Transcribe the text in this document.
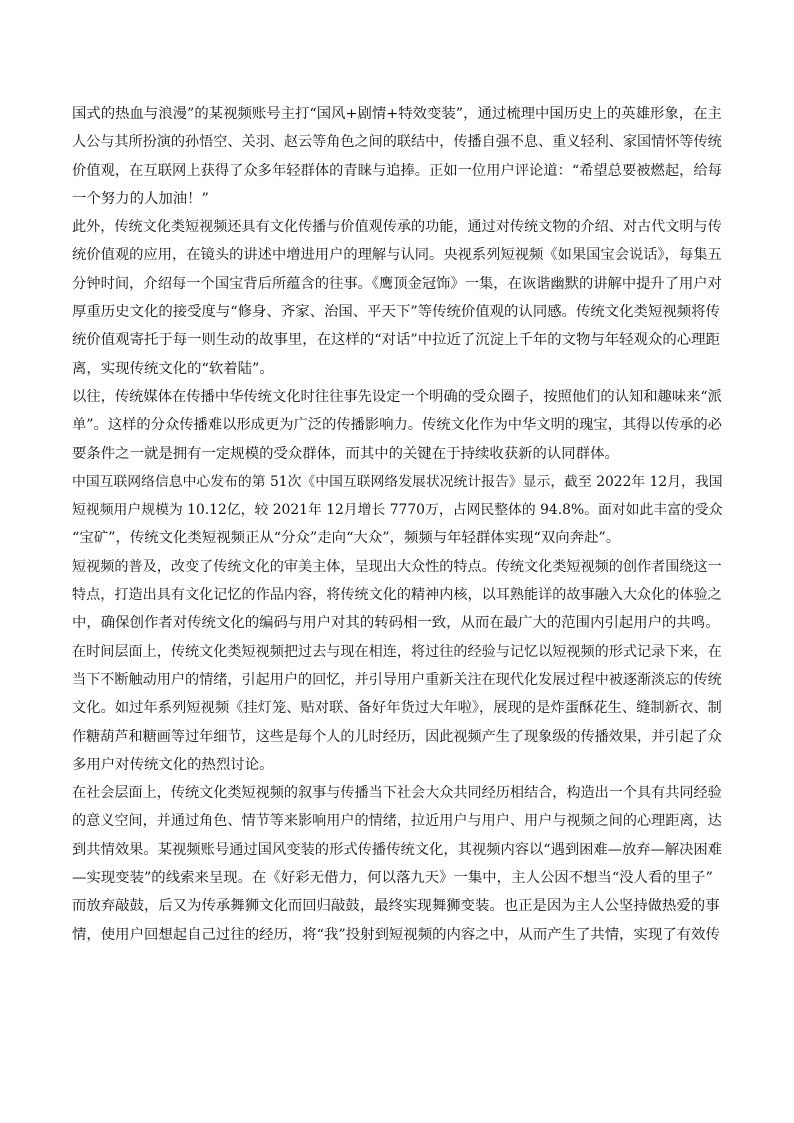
国式的热血与浪漫”的某视频账号主打“国风+剧情+特效变装”，通过梳理中国历史上的英雄形象，在主
人公与其所扮演的孙悟空、关羽、赵云等角色之间的联结中，传播自强不息、重义轻利、家国情怀等传统
价值观，在互联网上获得了众多年轻群体的青睐与追捧。正如一位用户评论道：“希望总要被燃起，给每
一个努力的人加油！”
此外，传统文化类短视频还具有文化传播与价值观传承的功能，通过对传统文物的介绍、对古代文明与传
统价值观的应用，在镜头的讲述中增进用户的理解与认同。央视系列短视频《如果国宝会说话》，每集五
分钟时间，介绍每一个国宝背后所蕴含的往事。《鹰顶金冠饰》一集，在诙谐幽默的讲解中提升了用户对
厚重历史文化的接受度与“修身、齐家、治国、平天下”等传统价值观的认同感。传统文化类短视频将传
统价值观寄托于每一则生动的故事里，在这样的“对话”中拉近了沉淀上千年的文物与年轻观众的心理距
离，实现传统文化的“软着陆”。
以往，传统媒体在传播中华传统文化时往往事先设定一个明确的受众圈子，按照他们的认知和趣味来“派
单”。这样的分众传播难以形成更为广泛的传播影响力。传统文化作为中华文明的瑰宝，其得以传承的必
要条件之一就是拥有一定规模的受众群体，而其中的关键在于持续收获新的认同群体。
中国互联网络信息中心发布的第 51次《中国互联网络发展状况统计报告》显示，截至 2022年 12月，我国
短视频用户规模为 10.12亿，较 2021年 12月增长 7770万，占网民整体的 94.8%。面对如此丰富的受众
“宝矿”，传统文化类短视频正从“分众”走向“大众”，频频与年轻群体实现“双向奔赴”。
短视频的普及，改变了传统文化的审美主体，呈现出大众性的特点。传统文化类短视频的创作者围绕这一
特点，打造出具有文化记忆的作品内容，将传统文化的精神内核，以耳熟能详的故事融入大众化的体验之
中，确保创作者对传统文化的编码与用户对其的转码相一致，从而在最广大的范围内引起用户的共鸣。
在时间层面上，传统文化类短视频把过去与现在相连，将过往的经验与记忆以短视频的形式记录下来，在
当下不断触动用户的情绪，引起用户的回忆，并引导用户重新关注在现代化发展过程中被逐渐淡忘的传统
文化。如过年系列短视频《挂灯笼、贴对联、备好年货过大年啦》，展现的是炸蛋酥花生、缝制新衣、制
作糖葫芦和糖画等过年细节，这些是每个人的儿时经历，因此视频产生了现象级的传播效果，并引起了众
多用户对传统文化的热烈讨论。
在社会层面上，传统文化类短视频的叙事与传播当下社会大众共同经历相结合，构造出一个具有共同经验
的意义空间，并通过角色、情节等来影响用户的情绪，拉近用户与用户、用户与视频之间的心理距离，达
到共情效果。某视频账号通过国风变装的形式传播传统文化，其视频内容以“遇到困难—放弃—解决困难
—实现变装”的线索来呈现。在《好彩无借力，何以落九天》一集中，主人公因不想当“没人看的里子”
而放弃敲鼓，后又为传承舞狮文化而回归敲鼓，最终实现舞狮变装。也正是因为主人公坚持做热爱的事
情，使用户回想起自己过往的经历，将“我”投射到短视频的内容之中，从而产生了共情，实现了有效传
